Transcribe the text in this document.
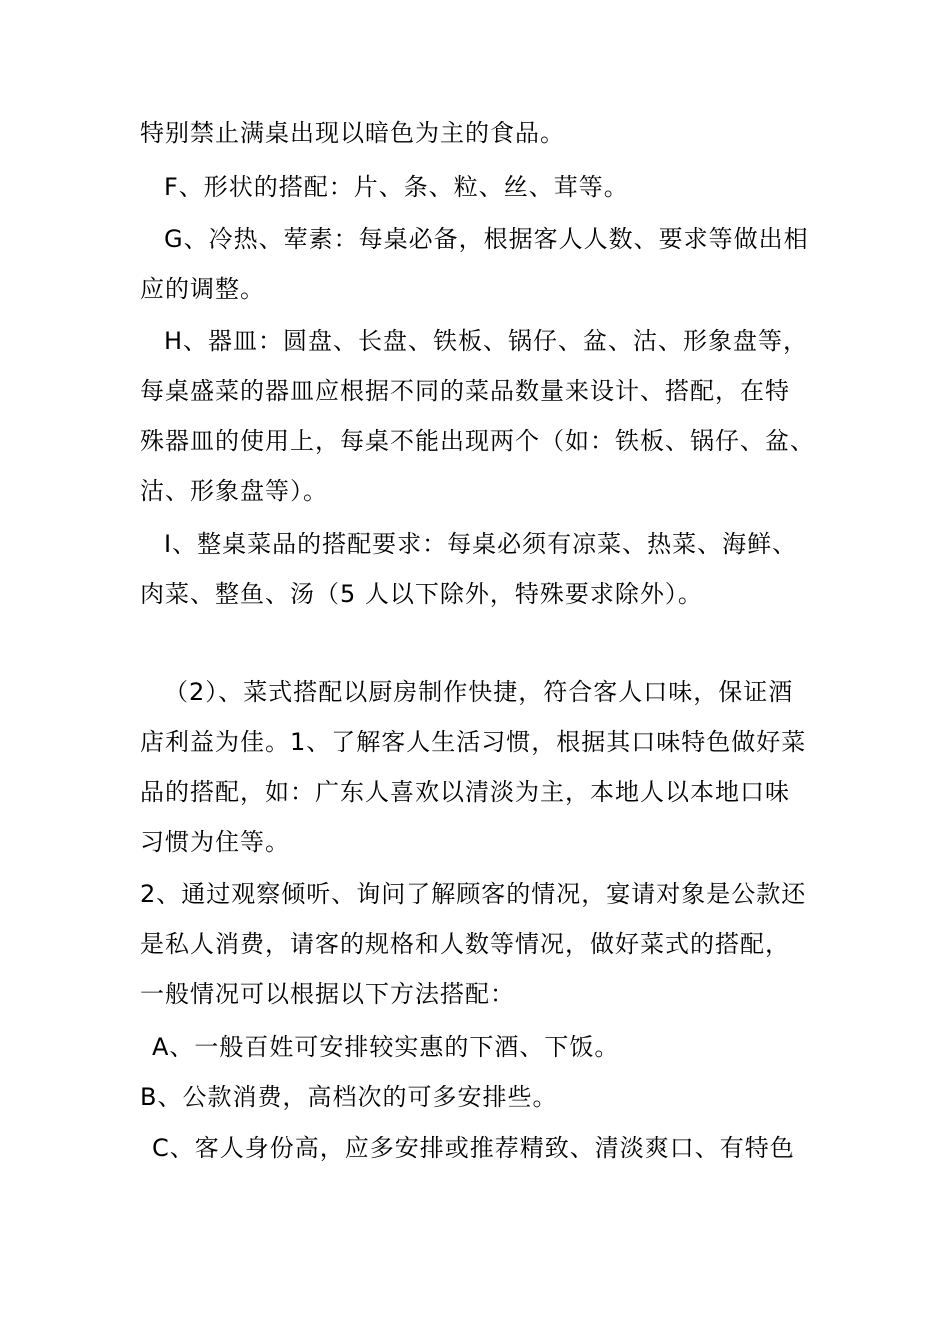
特别禁止满桌出现以暗色为主的食品。
F、形状的搭配：片、条、粒、丝、茸等。
G、冷热、荤素：每桌必备，根据客人人数、要求等做出相
应的调整。
H、器皿：圆盘、长盘、铁板、锅仔、盆、沽、形象盘等，
每桌盛菜的器皿应根据不同的菜品数量来设计、搭配，在特
殊器皿的使用上，每桌不能出现两个（如：铁板、锅仔、盆、
沽、形象盘等）。
I、整桌菜品的搭配要求：每桌必须有凉菜、热菜、海鲜、
肉菜、整鱼、汤（5 人以下除外，特殊要求除外）。
（2）、菜式搭配以厨房制作快捷，符合客人口味，保证酒
店利益为佳。1、了解客人生活习惯，根据其口味特色做好菜
品的搭配，如：广东人喜欢以清淡为主，本地人以本地口味
习惯为住等。
2、通过观察倾听、询问了解顾客的情况，宴请对象是公款还
是私人消费，请客的规格和人数等情况，做好菜式的搭配，
一般情况可以根据以下方法搭配：
A、一般百姓可安排较实惠的下酒、下饭。
B、公款消费，高档次的可多安排些。
C、客人身份高，应多安排或推荐精致、清淡爽口、有特色
